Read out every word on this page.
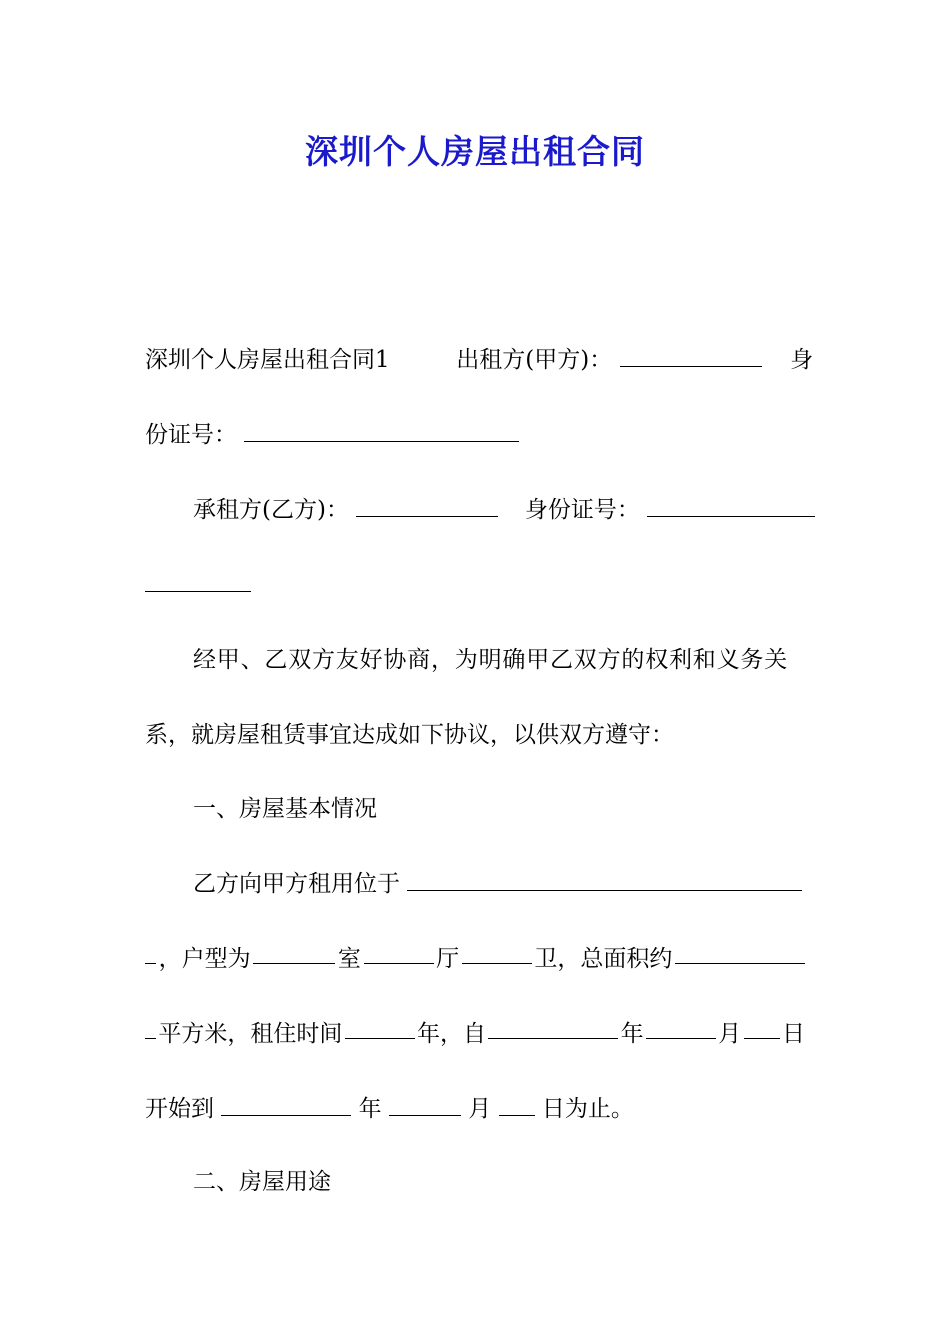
深圳个人房屋出租合同
深圳个人房屋出租合同1	出租方(甲方)：	身
份证号：
承租方(乙方)：	身份证号：
经甲、乙双方友好协商，为明确甲乙双方的权利和义务关
系，就房屋租赁事宜达成如下协议，以供双方遵守：
一、房屋基本情况
乙方向甲方租用位于
，户型为	室	厅	卫，总面积约
平方米，租住时间	年，自	年	月 日
开始到	年	月 日为止。
二、房屋用途
